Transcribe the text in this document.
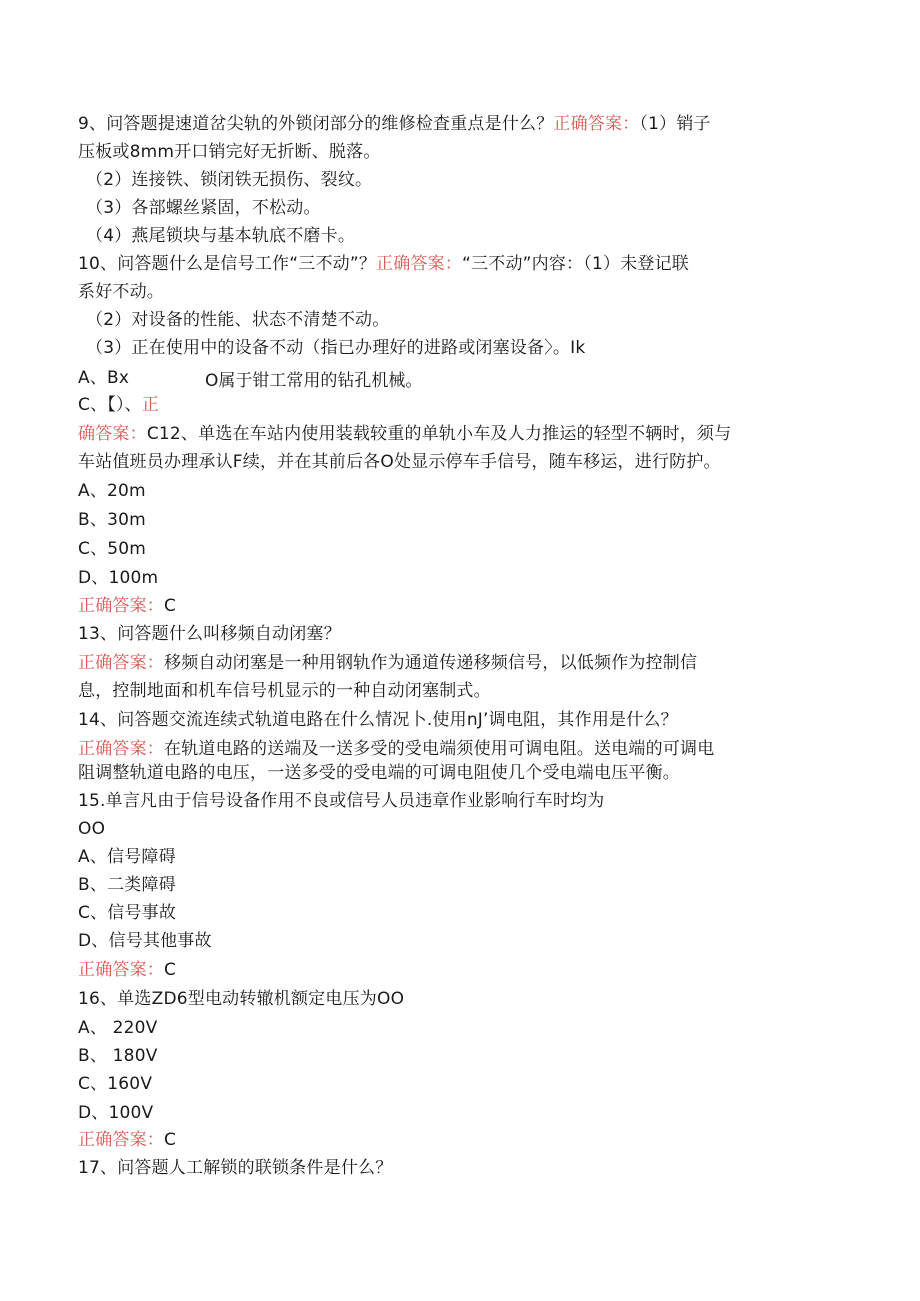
9、问答题提速道岔尖轨的外锁闭部分的维修检査重点是什么？正确答案：（1）销子
压板或8mm开口销完好无折断、脱落。
（2）连接铁、锁闭铁无损伤、裂纹。
（3）各部螺丝紧固，不松动。
（4）燕尾锁块与基本轨底不磨卡。
10、问答题什么是信号工作“三不动”？正确答案：“三不动”内容：（1）未登记联
系好不动。
（2）对设备的性能、状态不清楚不动。
（3）正在使用中的设备不动（指已办理好的进路或闭塞设备〉。Ik
A、Bx	O属于钳工常用的钻孔机械。
C、【）、正
确答案：C12、单选在车站内使用装载较重的单轨小车及人力推运的轻型不辆时，须与
车站值班员办理承认F续，并在其前后各O处显示停车手信号，随车移运，进行防护。
A、20m
B、30m
C、50m
D、100m
正确答案：C
13、问答题什么叫移频自动闭塞？
正确答案：移频自动闭塞是一种用钢轨作为通道传递移频信号，以低频作为控制信
息，控制地面和机车信号机显示的一种自动闭塞制式。
14、问答题交流连续式轨道电路在什么情况卜.使用nJ’调电阻，其作用是什么？
正确答案：在轨道电路的送端及一送多受的受电端须使用可调电阻。送电端的可调电
阻调整轨道电路的电压，一送多受的受电端的可调电阻使几个受电端电压平衡。
15.单言凡由于信号设备作用不良或信号人员违章作业影响行车时均为
OO
A、信号障碍
B、二类障碍
C、信号事故
D、信号其他事故
正确答案：C
16、单选ZD6型电动转辙机额定电压为OO
A、 220V
B、 180V
C、160V
D、100V
正确答案：C
17、问答题人工解锁的联锁条件是什么？
